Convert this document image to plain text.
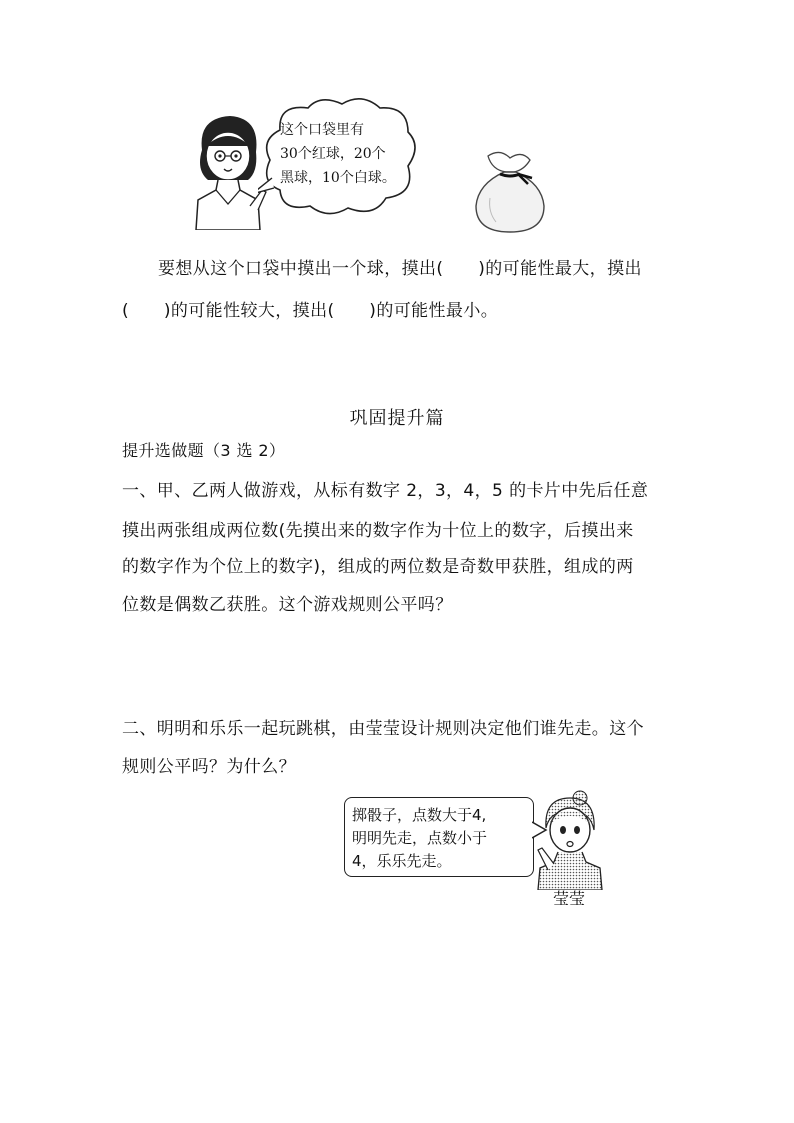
这个口袋里有
30个红球，20个
黑球，10个白球。
要想从这个口袋中摸出一个球，摸出(　　)的可能性最大，摸出
(　　)的可能性较大，摸出(　　)的可能性最小。
巩固提升篇
提升选做题（3 选 2）
一、甲、乙两人做游戏，从标有数字 2，3，4，5 的卡片中先后任意
摸出两张组成两位数(先摸出来的数字作为十位上的数字，后摸出来
的数字作为个位上的数字)，组成的两位数是奇数甲获胜，组成的两
位数是偶数乙获胜。这个游戏规则公平吗？
二、明明和乐乐一起玩跳棋，由莹莹设计规则决定他们谁先走。这个
规则公平吗？为什么？
掷骰子，点数大于4,
明明先走，点数小于
4，乐乐先走。
莹莹
